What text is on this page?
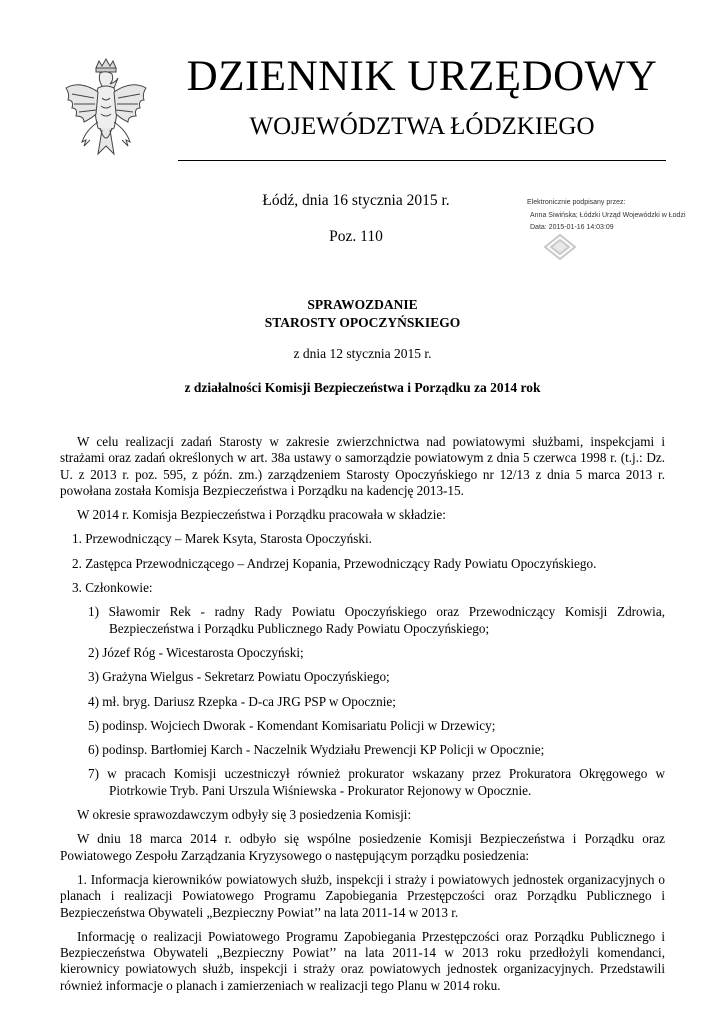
DZIENNIK URZĘDOWY
WOJEWÓDZTWA ŁÓDZKIEGO
Łódź, dnia 16 stycznia 2015 r.
Poz. 110
Elektronicznie podpisany przez:
Anna Siwińska; Łódzki Urząd Wojewódzki w Łodzi
Data: 2015-01-16 14:03:09
SPRAWOZDANIE
STAROSTY OPOCZYŃSKIEGO
z dnia 12 stycznia 2015 r.
z działalności Komisji Bezpieczeństwa i Porządku za 2014 rok

W celu realizacji zadań Starosty w zakresie zwierzchnictwa nad powiatowymi służbami, inspekcjami i strażami oraz zadań określonych w art. 38a ustawy o samorządzie powiatowym z dnia 5 czerwca 1998 r. (t.j.: Dz. U. z 2013 r. poz. 595, z późn. zm.) zarządzeniem Starosty Opoczyńskiego nr 12/13 z dnia 5 marca 2013 r. powołana została Komisja Bezpieczeństwa i Porządku na kadencję 2013-15.

W 2014 r. Komisja Bezpieczeństwa i Porządku pracowała w składzie:

1. Przewodniczący – Marek Ksyta, Starosta Opoczyński.

2. Zastępca Przewodniczącego – Andrzej Kopania, Przewodniczący Rady Powiatu Opoczyńskiego.

3. Członkowie:

1) Sławomir Rek - radny Rady Powiatu Opoczyńskiego oraz Przewodniczący Komisji Zdrowia, Bezpieczeństwa i Porządku Publicznego Rady Powiatu Opoczyńskiego;

2) Józef Róg - Wicestarosta Opoczyński;

3) Grażyna Wielgus - Sekretarz Powiatu Opoczyńskiego;

4) mł. bryg. Dariusz Rzepka - D-ca JRG PSP w Opocznie;

5) podinsp. Wojciech Dworak - Komendant Komisariatu Policji w Drzewicy;

6) podinsp. Bartłomiej Karch - Naczelnik Wydziału Prewencji KP Policji w Opocznie;

7) w pracach Komisji uczestniczył również prokurator wskazany przez Prokuratora Okręgowego w Piotrkowie Tryb. Pani Urszula Wiśniewska - Prokurator Rejonowy w Opocznie.

W okresie sprawozdawczym odbyły się 3 posiedzenia Komisji:

W dniu 18 marca 2014 r. odbyło się wspólne posiedzenie Komisji Bezpieczeństwa i Porządku oraz Powiatowego Zespołu Zarządzania Kryzysowego o następującym porządku posiedzenia:

1. Informacja kierowników powiatowych służb, inspekcji i straży i powiatowych jednostek organizacyjnych o planach i realizacji Powiatowego Programu Zapobiegania Przestępczości oraz Porządku Publicznego i Bezpieczeństwa Obywateli „Bezpieczny Powiat’’ na lata 2011-14 w 2013 r.

Informację o realizacji Powiatowego Programu Zapobiegania Przestępczości oraz Porządku Publicznego i Bezpieczeństwa Obywateli „Bezpieczny Powiat’’ na lata 2011-14 w 2013 roku przedłożyli komendanci, kierownicy powiatowych służb, inspekcji i straży oraz powiatowych jednostek organizacyjnych. Przedstawili również informacje o planach i zamierzeniach w realizacji tego Planu w 2014 roku.
